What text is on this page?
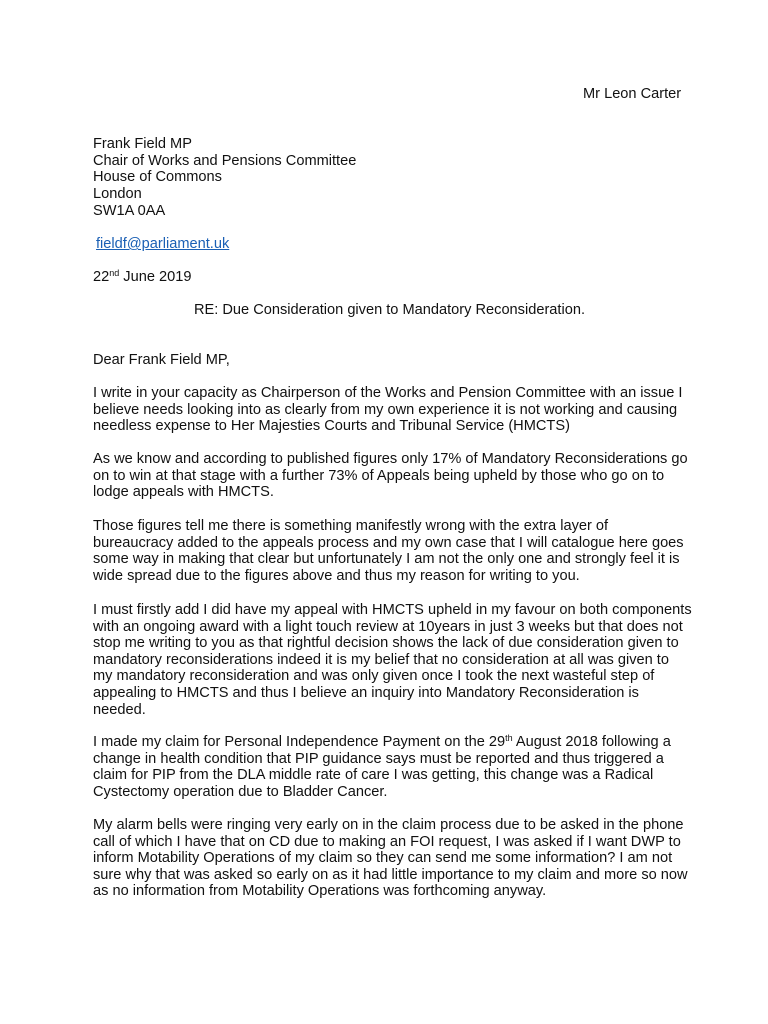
Mr Leon Carter
Frank Field MP
Chair of Works and Pensions Committee
House of Commons
London
SW1A 0AA
fieldf@parliament.uk
22nd June 2019
RE: Due Consideration given to Mandatory Reconsideration.
Dear Frank Field MP,
I write in your capacity as Chairperson of the Works and Pension Committee with an issue I
believe needs looking into as clearly from my own experience it is not working and causing
needless expense to Her Majesties Courts and Tribunal Service (HMCTS)
As we know and according to published figures only 17% of Mandatory Reconsiderations go
on to win at that stage with a further 73% of Appeals being upheld by those who go on to
lodge appeals with HMCTS.
Those figures tell me there is something manifestly wrong with the extra layer of
bureaucracy added to the appeals process and my own case that I will catalogue here goes
some way in making that clear but unfortunately I am not the only one and strongly feel it is
wide spread due to the figures above and thus my reason for writing to you.
I must firstly add I did have my appeal with HMCTS upheld in my favour on both components
with an ongoing award with a light touch review at 10years in just 3 weeks but that does not
stop me writing to you as that rightful decision shows the lack of due consideration given to
mandatory reconsiderations indeed it is my belief that no consideration at all was given to
my mandatory reconsideration and was only given once I took the next wasteful step of
appealing to HMCTS and thus I believe an inquiry into Mandatory Reconsideration is
needed.
I made my claim for Personal Independence Payment on the 29th August 2018 following a
change in health condition that PIP guidance says must be reported and thus triggered a
claim for PIP from the DLA middle rate of care I was getting, this change was a Radical
Cystectomy operation due to Bladder Cancer.
My alarm bells were ringing very early on in the claim process due to be asked in the phone
call of which I have that on CD due to making an FOI request, I was asked if I want DWP to
inform Motability Operations of my claim so they can send me some information? I am not
sure why that was asked so early on as it had little importance to my claim and more so now
as no information from Motability Operations was forthcoming anyway.
